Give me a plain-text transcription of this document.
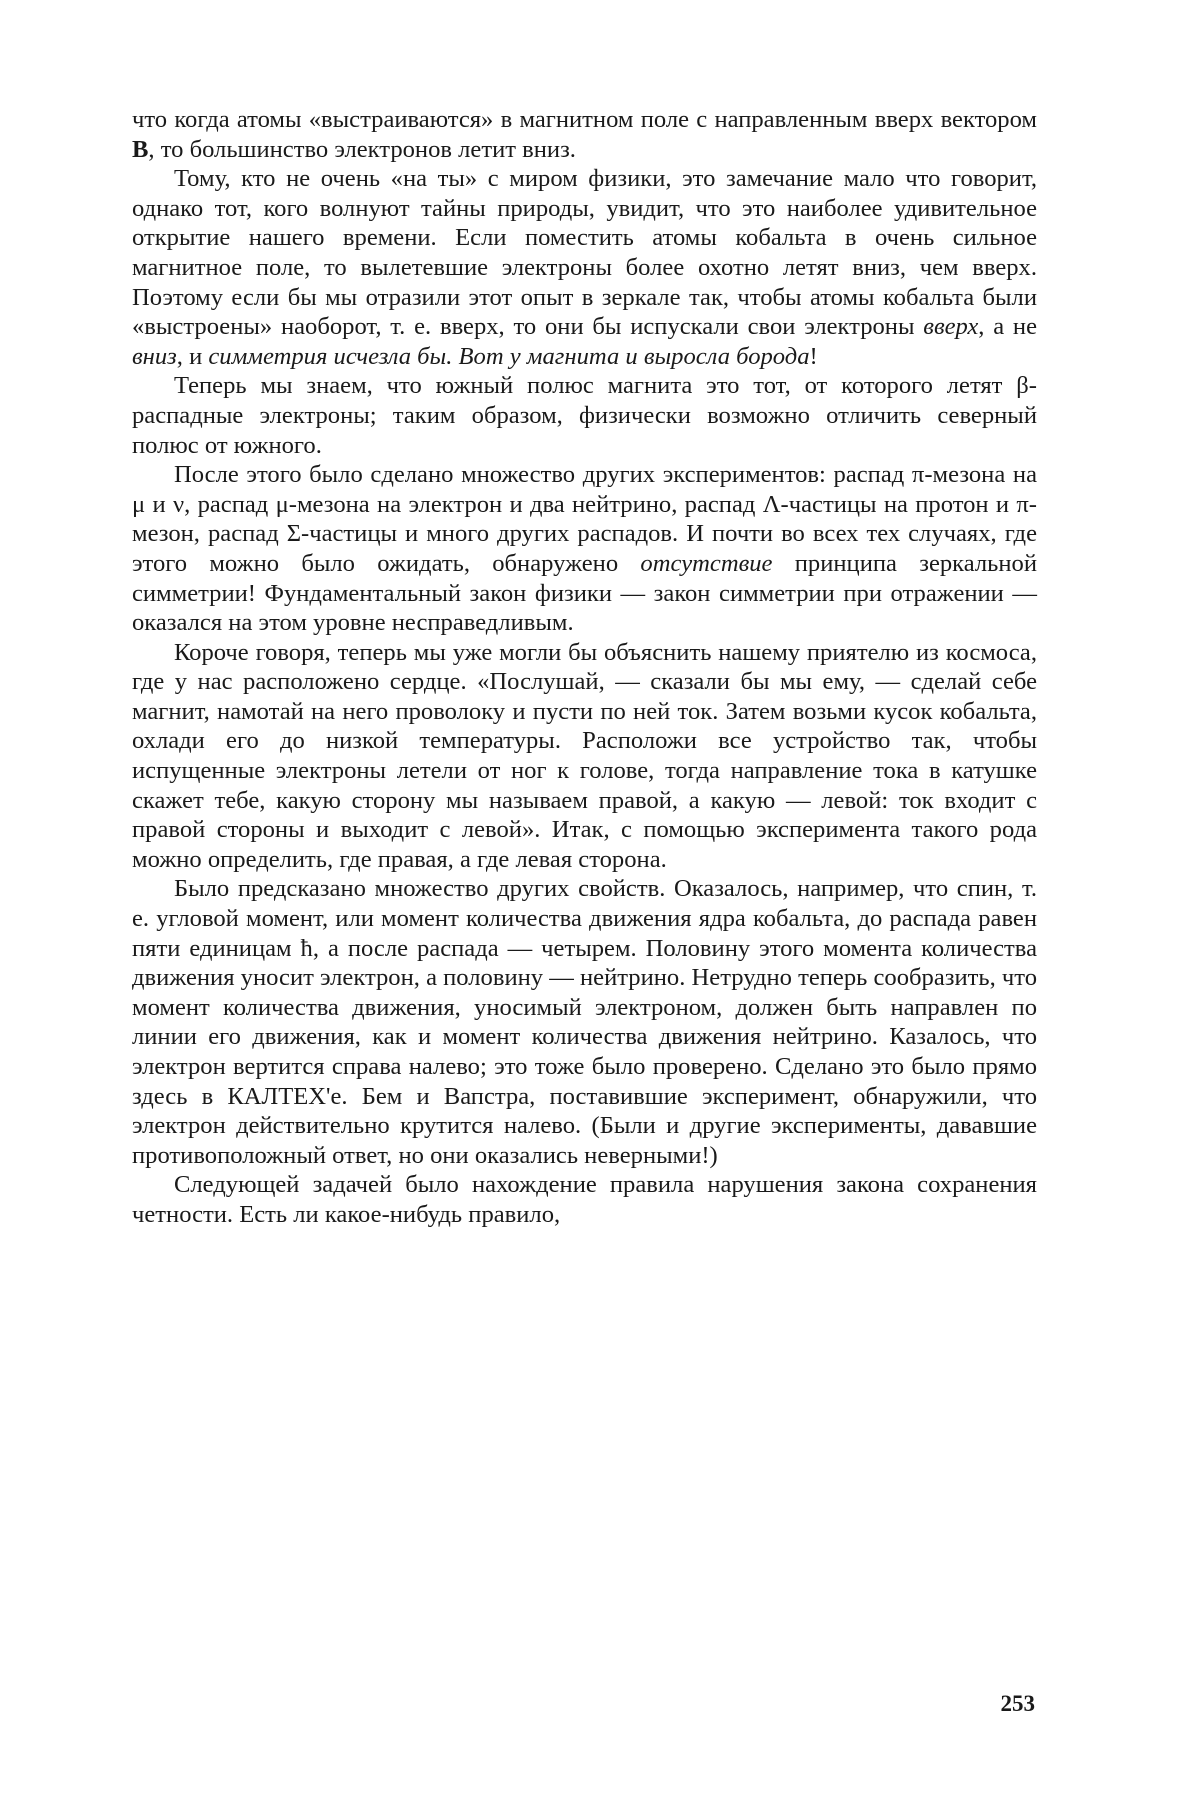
что когда атомы «выстраиваются» в магнитном поле с направленным вверх вектором B, то большинство электронов летит вниз.

Тому, кто не очень «на ты» с миром физики, это замечание мало что говорит, однако тот, кого волнуют тайны природы, увидит, что это наиболее удивительное открытие нашего времени. Если поместить атомы кобальта в очень сильное магнитное поле, то вылетевшие электроны более охотно летят вниз, чем вверх. Поэтому если бы мы отразили этот опыт в зеркале так, чтобы атомы кобальта были «выстроены» наоборот, т. е. вверх, то они бы испускали свои электроны вверх, а не вниз, и симметрия исчезла бы. Вот у магнита и выросла борода!

Теперь мы знаем, что южный полюс магнита это тот, от которого летят β-распадные электроны; таким образом, физически возможно отличить северный полюс от южного.

После этого было сделано множество других экспериментов: распад π-мезона на μ и ν, распад μ-мезона на электрон и два нейтрино, распад Λ-частицы на протон и π-мезон, распад Σ-частицы и много других распадов. И почти во всех тех случаях, где этого можно было ожидать, обнаружено отсутствие принципа зеркальной симметрии! Фундаментальный закон физики — закон симметрии при отражении — оказался на этом уровне несправедливым.

Короче говоря, теперь мы уже могли бы объяснить нашему приятелю из космоса, где у нас расположено сердце. «Послушай, — сказали бы мы ему, — сделай себе магнит, намотай на него проволоку и пусти по ней ток. Затем возьми кусок кобальта, охлади его до низкой температуры. Расположи все устройство так, чтобы испущенные электроны летели от ног к голове, тогда направление тока в катушке скажет тебе, какую сторону мы называем правой, а какую — левой: ток входит с правой стороны и выходит с левой». Итак, с помощью эксперимента такого рода можно определить, где правая, а где левая сторона.

Было предсказано множество других свойств. Оказалось, например, что спин, т. е. угловой момент, или момент количества движения ядра кобальта, до распада равен пяти единицам ħ, а после распада — четырем. Половину этого момента количества движения уносит электрон, а половину — нейтрино. Нетрудно теперь сообразить, что момент количества движения, уносимый электроном, должен быть направлен по линии его движения, как и момент количества движения нейтрино. Казалось, что электрон вертится справа налево; это тоже было проверено. Сделано это было прямо здесь в КАЛТЕХ'е. Бем и Вапстра, поставившие эксперимент, обнаружили, что электрон действительно крутится налево. (Были и другие эксперименты, дававшие противоположный ответ, но они оказались неверными!)

Следующей задачей было нахождение правила нарушения закона сохранения четности. Есть ли какое-нибудь правило,

253
